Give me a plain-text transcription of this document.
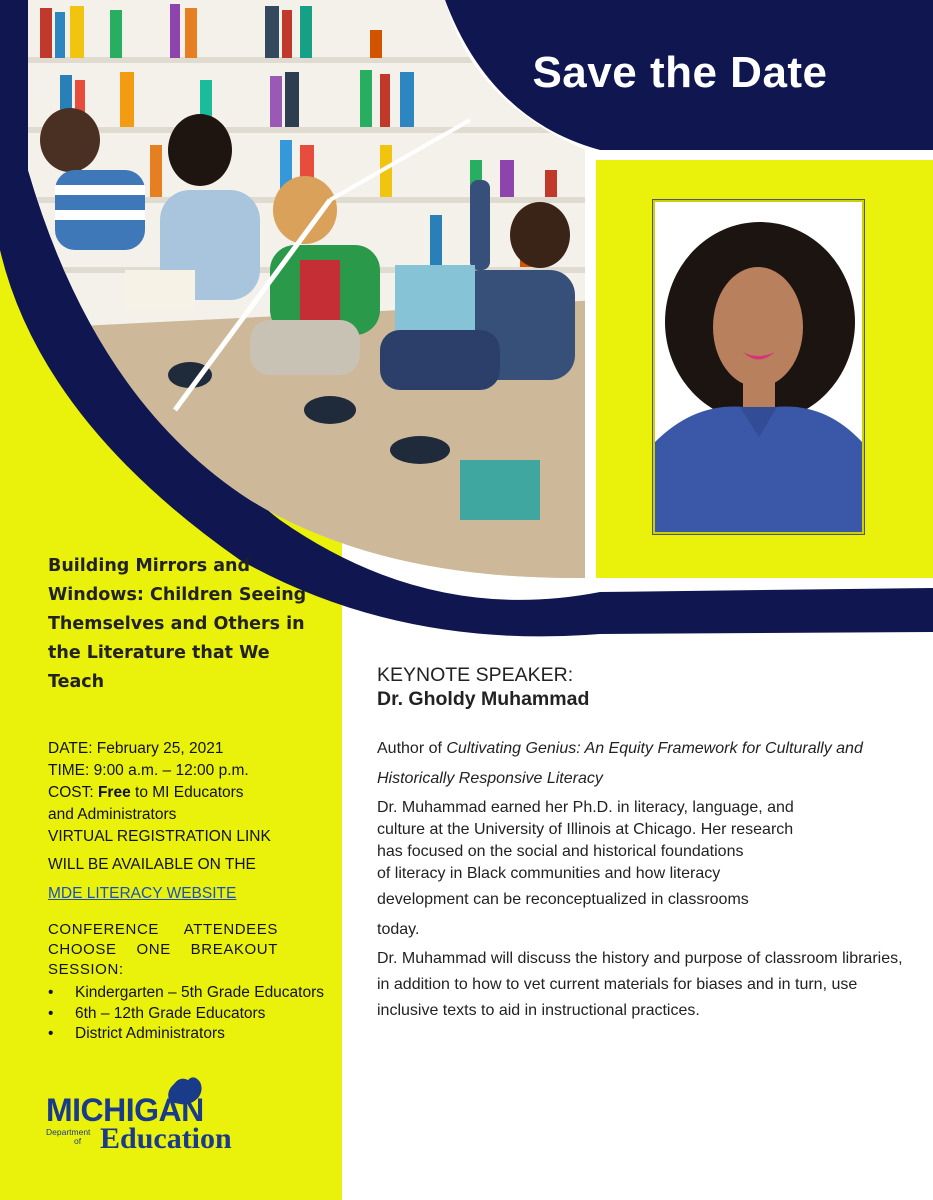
Save the Date
Building Mirrors and Windows: Children Seeing Themselves and Others in the Literature that We Teach
DATE: February 25, 2021
TIME: 9:00 a.m. – 12:00 p.m.
COST: Free to MI Educators
and Administrators
VIRTUAL REGISTRATION LINK
WILL BE AVAILABLE ON THE
MDE LITERACY WEBSITE
CONFERENCE ATTENDEES CHOOSE ONE BREAKOUT SESSION:
• Kindergarten – 5th Grade Educators
• 6th – 12th Grade Educators
• District Administrators
MICHIGAN
Department
of Education
KEYNOTE SPEAKER:
Dr. Gholdy Muhammad
Author of Cultivating Genius: An Equity Framework for Culturally and Historically Responsive Literacy
Dr. Muhammad earned her Ph.D. in literacy, language, and
culture at the University of Illinois at Chicago. Her research
has focused on the social and historical foundations
of literacy in Black communities and how literacy
development can be reconceptualized in classrooms
today.
Dr. Muhammad will discuss the history and purpose of classroom libraries, in addition to how to vet current materials for biases and in turn, use inclusive texts to aid in instructional practices.
